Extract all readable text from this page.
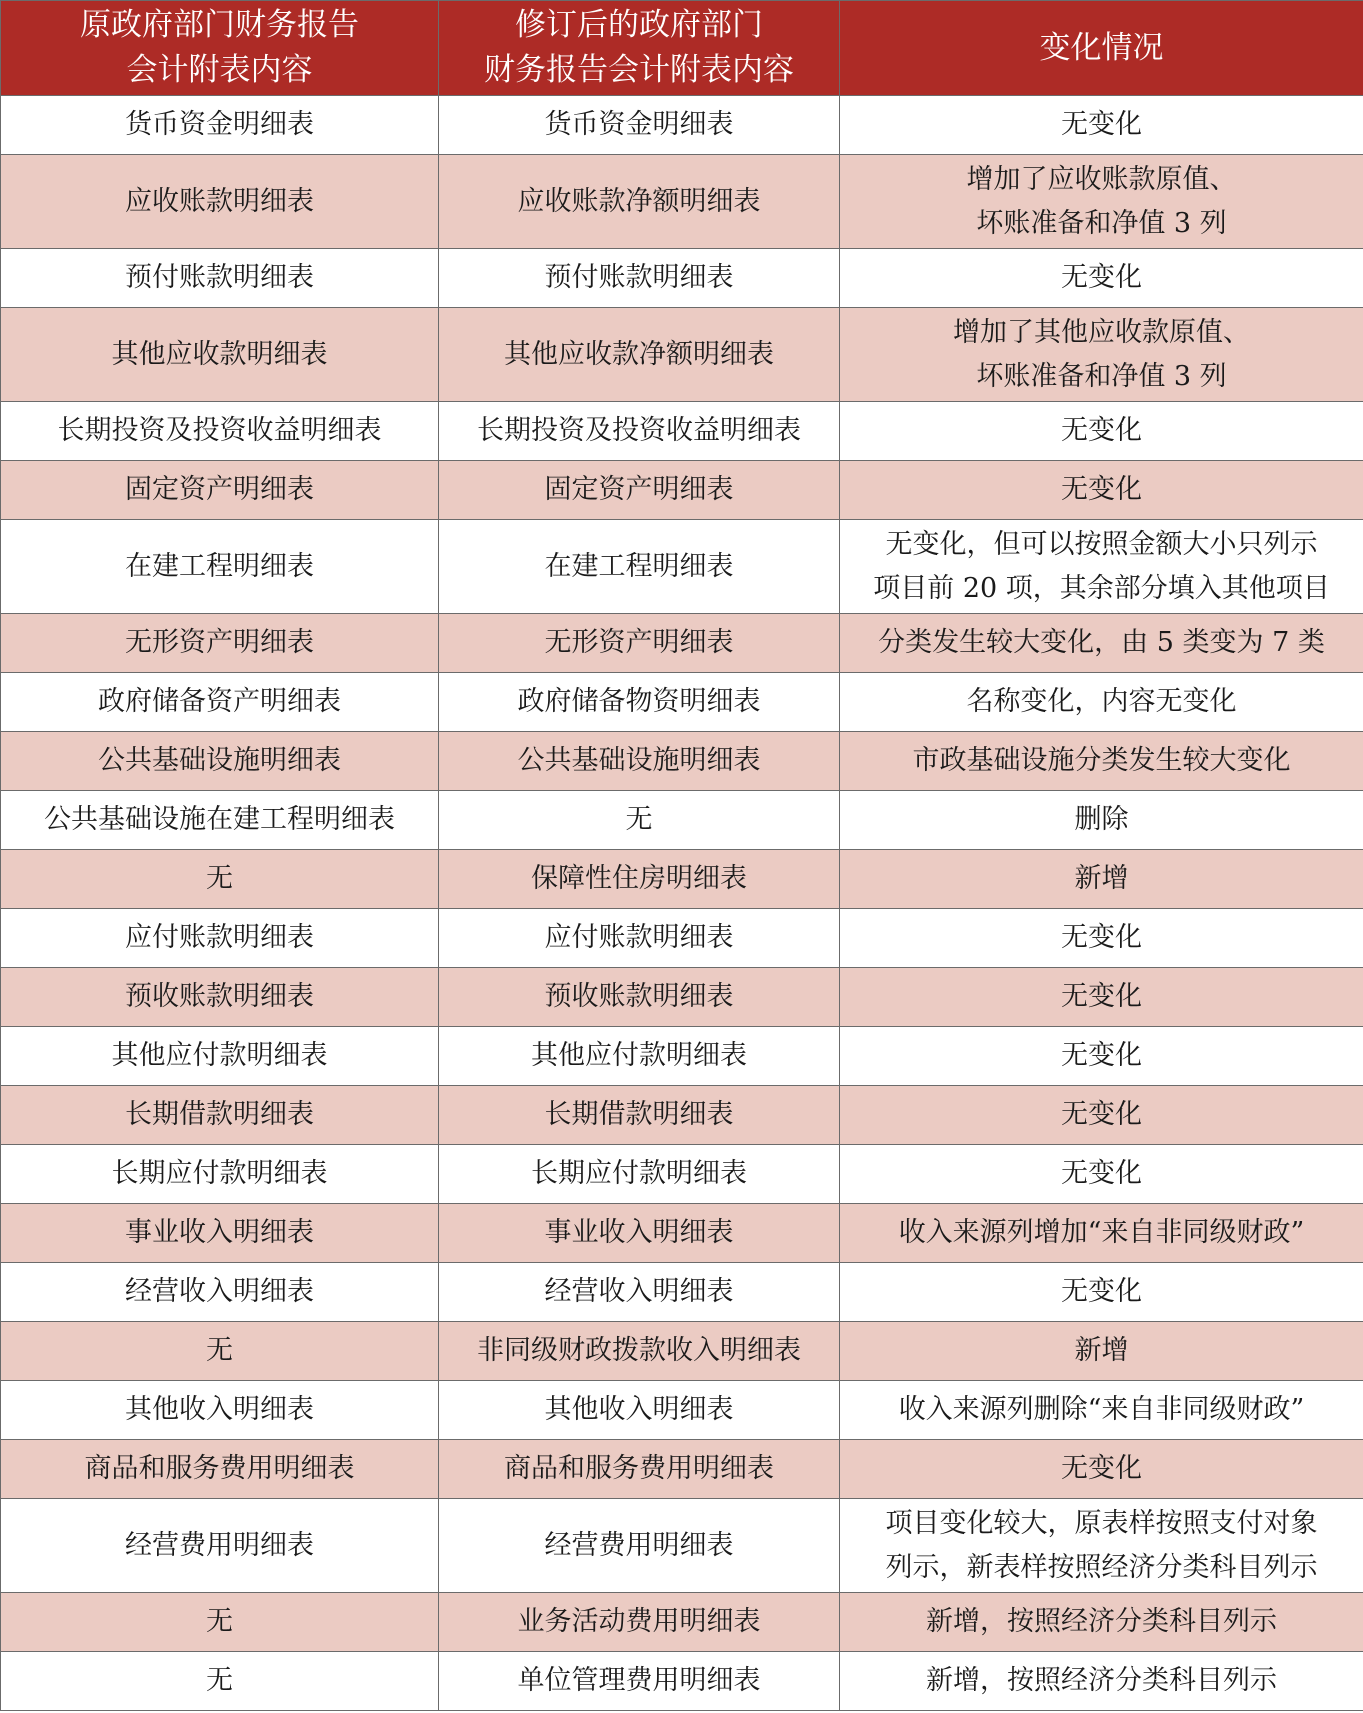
原政府部门财务报告
会计附表内容	修订后的政府部门
财务报告会计附表内容	变化情况
货币资金明细表	货币资金明细表	无变化
应收账款明细表	应收账款净额明细表	增加了应收账款原值、
坏账准备和净值 3 列
预付账款明细表	预付账款明细表	无变化
其他应收款明细表	其他应收款净额明细表	增加了其他应收款原值、
坏账准备和净值 3 列
长期投资及投资收益明细表	长期投资及投资收益明细表	无变化
固定资产明细表	固定资产明细表	无变化
在建工程明细表	在建工程明细表	无变化，但可以按照金额大小只列示
项目前 20 项，其余部分填入其他项目
无形资产明细表	无形资产明细表	分类发生较大变化，由 5 类变为 7 类
政府储备资产明细表	政府储备物资明细表	名称变化，内容无变化
公共基础设施明细表	公共基础设施明细表	市政基础设施分类发生较大变化
公共基础设施在建工程明细表	无	删除
无	保障性住房明细表	新增
应付账款明细表	应付账款明细表	无变化
预收账款明细表	预收账款明细表	无变化
其他应付款明细表	其他应付款明细表	无变化
长期借款明细表	长期借款明细表	无变化
长期应付款明细表	长期应付款明细表	无变化
事业收入明细表	事业收入明细表	收入来源列增加“来自非同级财政”
经营收入明细表	经营收入明细表	无变化
无	非同级财政拨款收入明细表	新增
其他收入明细表	其他收入明细表	收入来源列删除“来自非同级财政”
商品和服务费用明细表	商品和服务费用明细表	无变化
经营费用明细表	经营费用明细表	项目变化较大，原表样按照支付对象
列示，新表样按照经济分类科目列示
无	业务活动费用明细表	新增，按照经济分类科目列示
无	单位管理费用明细表	新增，按照经济分类科目列示
